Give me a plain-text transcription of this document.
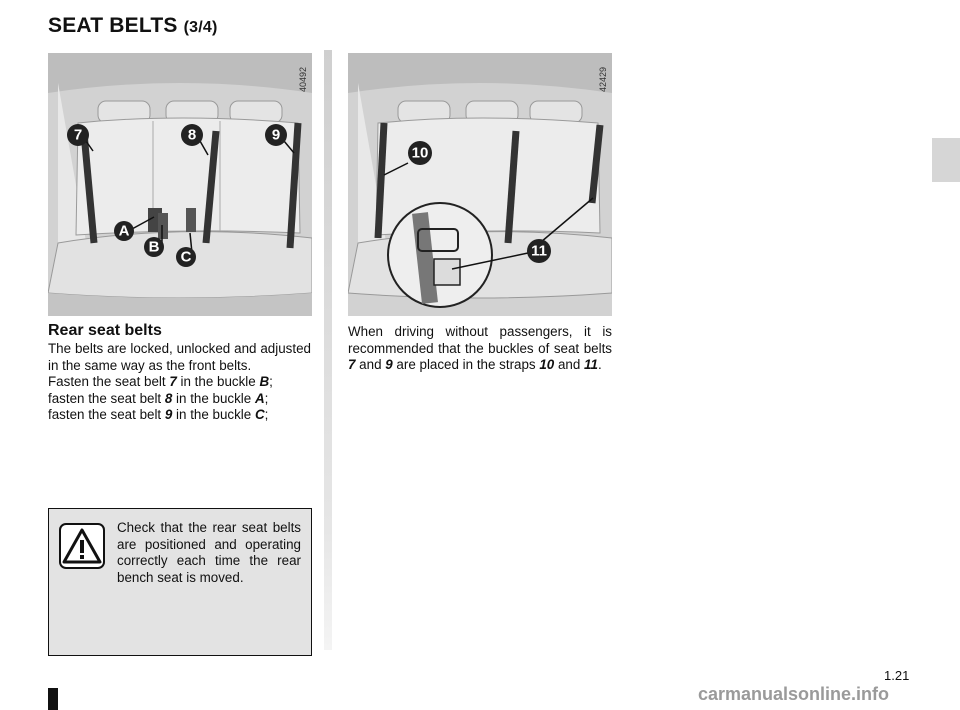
SEAT BELTS (3/4)
7	8	9
A
B
C
40492
10
11
42429
Rear seat belts

The belts are locked, unlocked and adjusted in the same way as the front belts.

Fasten the seat belt 7 in the buckle B;

fasten the seat belt 8 in the buckle A;

fasten the seat belt 9 in the buckle C;

When driving without passengers, it is recommended that the buckles of seat belts 7 and 9 are placed in the straps 10 and 11.

Check that the rear seat belts are positioned and operating correctly each time the rear bench seat is moved.
1.21
carmanualsonline.info
